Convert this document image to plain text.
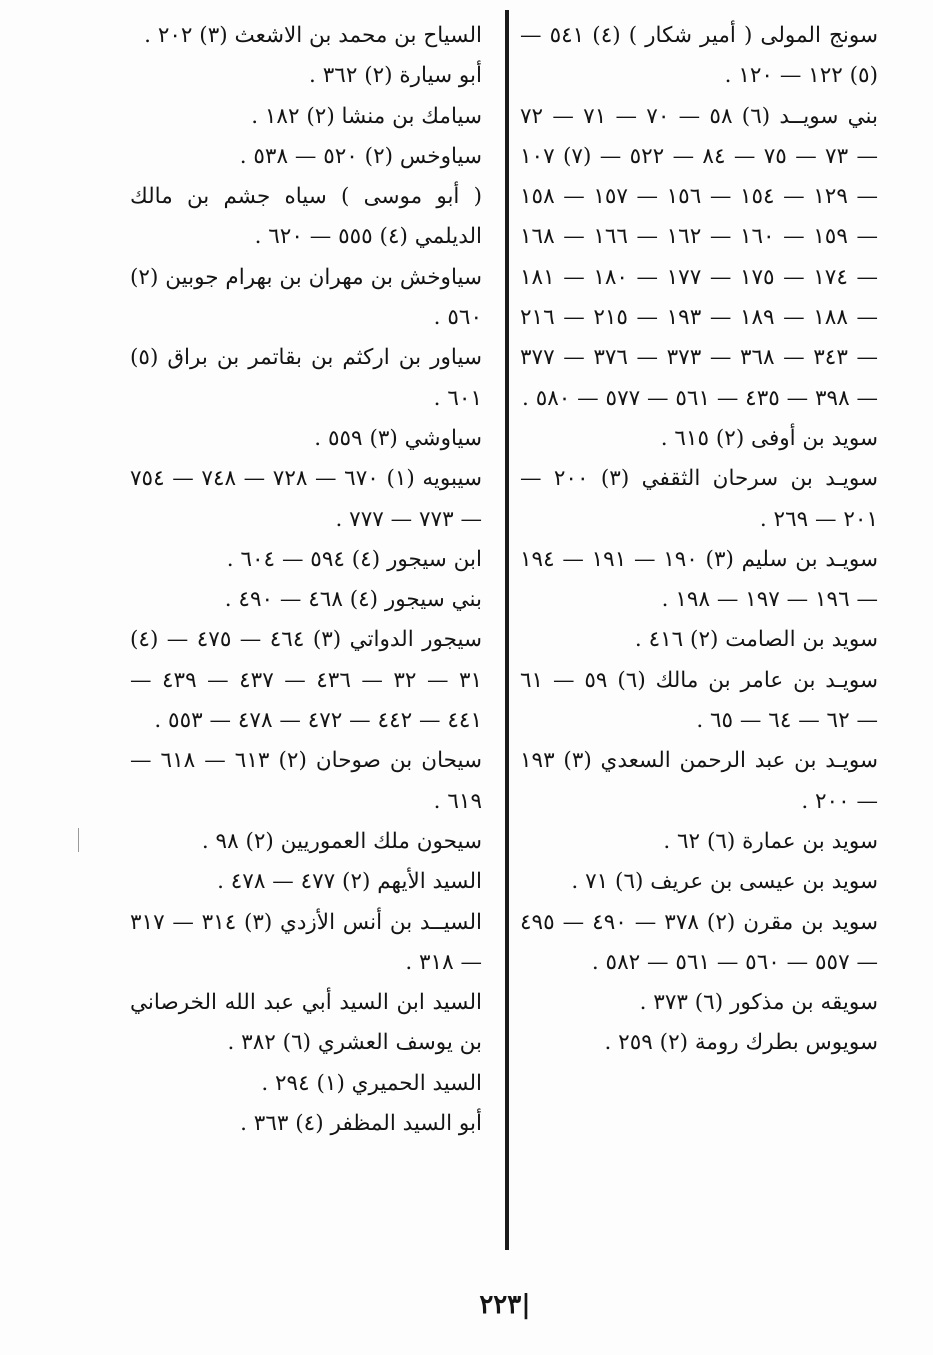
سونج المولى ( أمير شكار ) (٤) ٥٤١ — (٥) ١٢٢ — ١٢٠ .

بني سويــد (٦) ٥٨ — ٧٠ — ٧١ — ٧٢ — ٧٣ — ٧٥ — ٨٤ — ٥٢٢ — (٧) ١٠٧ — ١٢٩ — ١٥٤ — ١٥٦ — ١٥٧ — ١٥٨ — ١٥٩ — ١٦٠ — ١٦٢ — ١٦٦ — ١٦٨ — ١٧٤ — ١٧٥ — ١٧٧ — ١٨٠ — ١٨١ — ١٨٨ — ١٨٩ — ١٩٣ — ٢١٥ — ٢١٦ — ٣٤٣ — ٣٦٨ — ٣٧٣ — ٣٧٦ — ٣٧٧ — ٣٩٨ — ٤٣٥ — ٥٦١ — ٥٧٧ — ٥٨٠ .

سويد بن أوفى (٢) ٦١٥ .

سويـد بن سرحان الثقفي (٣) ٢٠٠ — ٢٠١ — ٢٦٩ .

سويـد بن سليم (٣) ١٩٠ — ١٩١ — ١٩٤ — ١٩٦ — ١٩٧ — ١٩٨ .

سويد بن الصامت (٢) ٤١٦ .

سويـد بن عامر بن مالك (٦) ٥٩ — ٦١ — ٦٢ — ٦٤ — ٦٥ .

سويـد بن عبد الرحمن السعدي (٣) ١٩٣ — ٢٠٠ .

سويد بن عمارة (٦) ٦٢ .

سويد بن عيسى بن عريف (٦) ٧١ .

سويد بن مقرن (٢) ٣٧٨ — ٤٩٠ — ٤٩٥ — ٥٥٧ — ٥٦٠ — ٥٦١ — ٥٨٢ .

سويقه بن مذكور (٦) ٣٧٣ .

سويوس بطرك رومة (٢) ٢٥٩ .

السياح بن محمد بن الاشعث (٣) ٢٠٢ .

أبو سيارة (٢) ٣٦٢ .

سيامك بن منشا (٢) ١٨٢ .

سياوخس (٢) ٥٢٠ — ٥٣٨ .

( أبو موسى ) سياه جشم بن مالك الديلمي (٤) ٥٥٥ — ٦٢٠ .

سياوخش بن مهران بن بهرام جوبين (٢) ٥٦٠ .

سياور بن اركثم بن بقاتمر بن براق (٥) ٦٠١ .

سياوشي (٣) ٥٥٩ .

سيبويه (١) ٦٧٠ — ٧٢٨ — ٧٤٨ — ٧٥٤ — ٧٧٣ — ٧٧٧ .

ابن سيجور (٤) ٥٩٤ — ٦٠٤ .

بني سيجور (٤) ٤٦٨ — ٤٩٠ .

سيجور الدواتي (٣) ٤٦٤ — ٤٧٥ — (٤) ٣١ — ٣٢ — ٤٣٦ — ٤٣٧ — ٤٣٩ — ٤٤١ — ٤٤٢ — ٤٧٢ — ٤٧٨ — ٥٥٣ .

سيحان بن صوحان (٢) ٦١٣ — ٦١٨ — ٦١٩ .

سيحون ملك العموريين (٢) ٩٨ .

السيد الأيهم (٢) ٤٧٧ — ٤٧٨ .

السيــد بن أنس الأزدي (٣) ٣١٤ — ٣١٧ — ٣١٨ .

السيد ابن السيد أبي عبد الله الخرصاني بن يوسف العشري (٦) ٣٨٢ .

السيد الحميري (١) ٢٩٤ .

أبو السيد المظفر (٤) ٣٦٣ .

|٢٢٣
